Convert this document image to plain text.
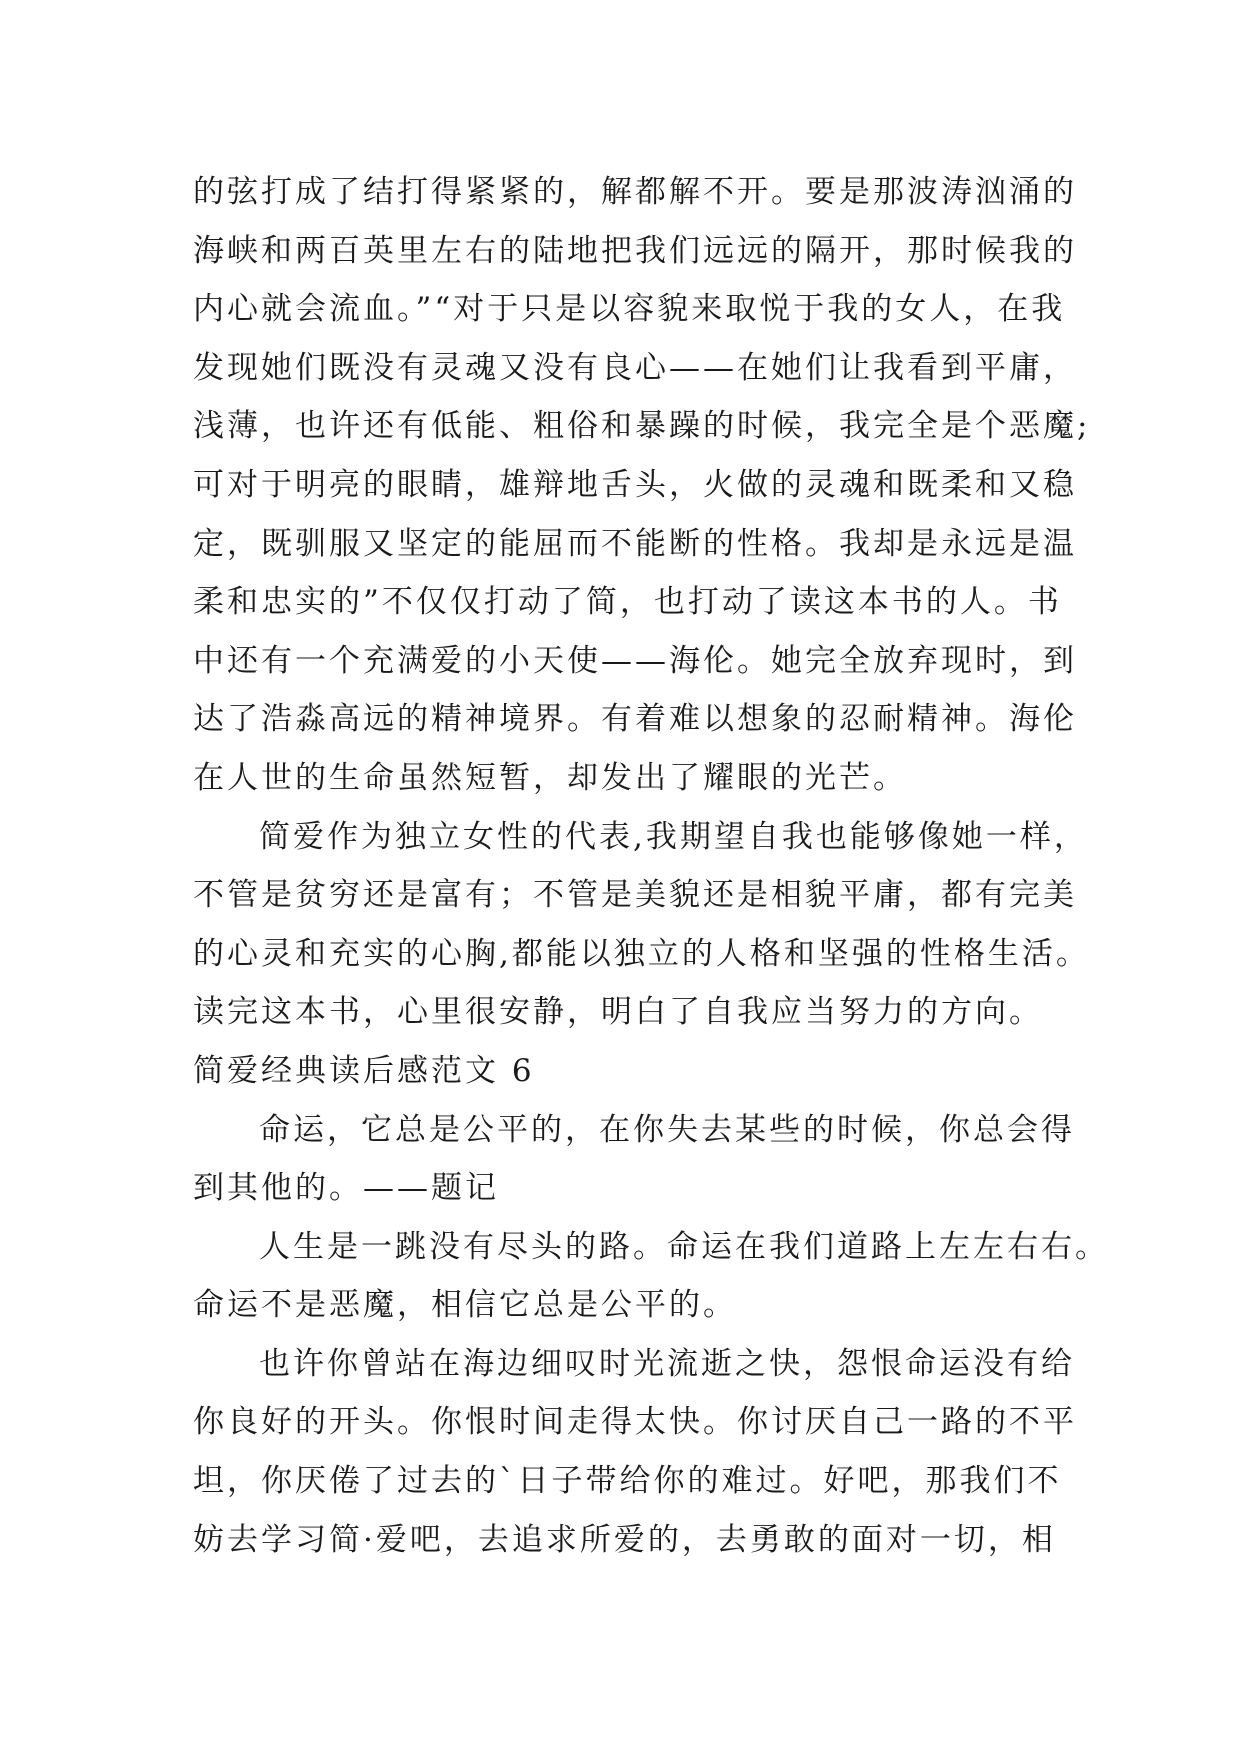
的弦打成了结打得紧紧的，解都解不开。要是那波涛汹涌的
海峡和两百英里左右的陆地把我们远远的隔开，那时候我的
内心就会流血。”“对于只是以容貌来取悦于我的女人，在我
发现她们既没有灵魂又没有良心——在她们让我看到平庸，
浅薄，也许还有低能、粗俗和暴躁的时候，我完全是个恶魔;
可对于明亮的眼睛，雄辩地舌头，火做的灵魂和既柔和又稳
定，既驯服又坚定的能屈而不能断的性格。我却是永远是温
柔和忠实的”不仅仅打动了简，也打动了读这本书的人。书
中还有一个充满爱的小天使——海伦。她完全放弃现时，到
达了浩淼高远的精神境界。有着难以想象的忍耐精神。海伦
在人世的生命虽然短暂，却发出了耀眼的光芒。
简爱作为独立女性的代表,我期望自我也能够像她一样，
不管是贫穷还是富有；不管是美貌还是相貌平庸，都有完美
的心灵和充实的心胸,都能以独立的人格和坚强的性格生活。
读完这本书，心里很安静，明白了自我应当努力的方向。
简爱经典读后感范文 6
命运，它总是公平的，在你失去某些的时候，你总会得
到其他的。——题记
人生是一跳没有尽头的路。命运在我们道路上左左右右。
命运不是恶魔，相信它总是公平的。
也许你曾站在海边细叹时光流逝之快，怨恨命运没有给
你良好的开头。你恨时间走得太快。你讨厌自己一路的不平
坦，你厌倦了过去的`日子带给你的难过。好吧，那我们不
妨去学习简·爱吧，去追求所爱的，去勇敢的面对一切，相
